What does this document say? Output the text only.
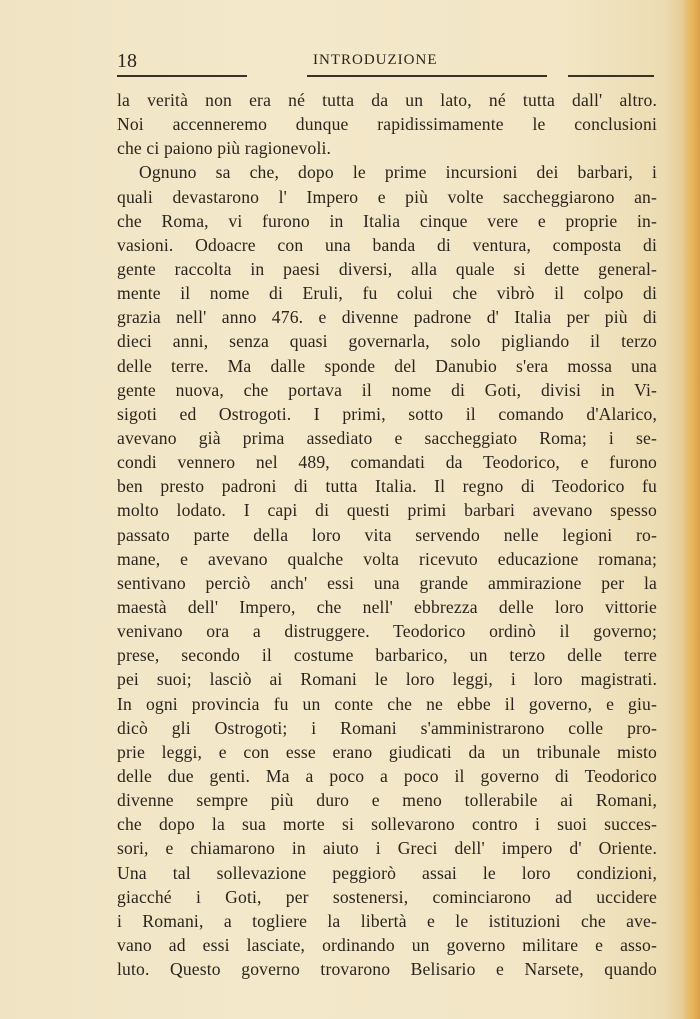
18	INTRODUZIONE
la verità non era né tutta da un lato, né tutta dall' altro.
Noi accenneremo dunque rapidissimamente le conclusioni
che ci paiono più ragionevoli.
Ognuno sa che, dopo le prime incursioni dei barbari, i
quali devastarono l' Impero e più volte saccheggiarono an-
che Roma, vi furono in Italia cinque vere e proprie in-
vasioni. Odoacre con una banda di ventura, composta di
gente raccolta in paesi diversi, alla quale si dette general-
mente il nome di Eruli, fu colui che vibrò il colpo di
grazia nell' anno 476. e divenne padrone d' Italia per più di
dieci anni, senza quasi governarla, solo pigliando il terzo
delle terre. Ma dalle sponde del Danubio s'era mossa una
gente nuova, che portava il nome di Goti, divisi in Vi-
sigoti ed Ostrogoti. I primi, sotto il comando d'Alarico,
avevano già prima assediato e saccheggiato Roma; i se-
condi vennero nel 489, comandati da Teodorico, e furono
ben presto padroni di tutta Italia. Il regno di Teodorico fu
molto lodato. I capi di questi primi barbari avevano spesso
passato parte della loro vita servendo nelle legioni ro-
mane, e avevano qualche volta ricevuto educazione romana;
sentivano perciò anch' essi una grande ammirazione per la
maestà dell' Impero, che nell' ebbrezza delle loro vittorie
venivano ora a distruggere. Teodorico ordinò il governo;
prese, secondo il costume barbarico, un terzo delle terre
pei suoi; lasciò ai Romani le loro leggi, i loro magistrati.
In ogni provincia fu un conte che ne ebbe il governo, e giu-
dicò gli Ostrogoti; i Romani s'amministrarono colle pro-
prie leggi, e con esse erano giudicati da un tribunale misto
delle due genti. Ma a poco a poco il governo di Teodorico
divenne sempre più duro e meno tollerabile ai Romani,
che dopo la sua morte si sollevarono contro i suoi succes-
sori, e chiamarono in aiuto i Greci dell' impero d' Oriente.
Una tal sollevazione peggiorò assai le loro condizioni,
giacché i Goti, per sostenersi, cominciarono ad uccidere
i Romani, a togliere la libertà e le istituzioni che ave-
vano ad essi lasciate, ordinando un governo militare e asso-
luto. Questo governo trovarono Belisario e Narsete, quando
